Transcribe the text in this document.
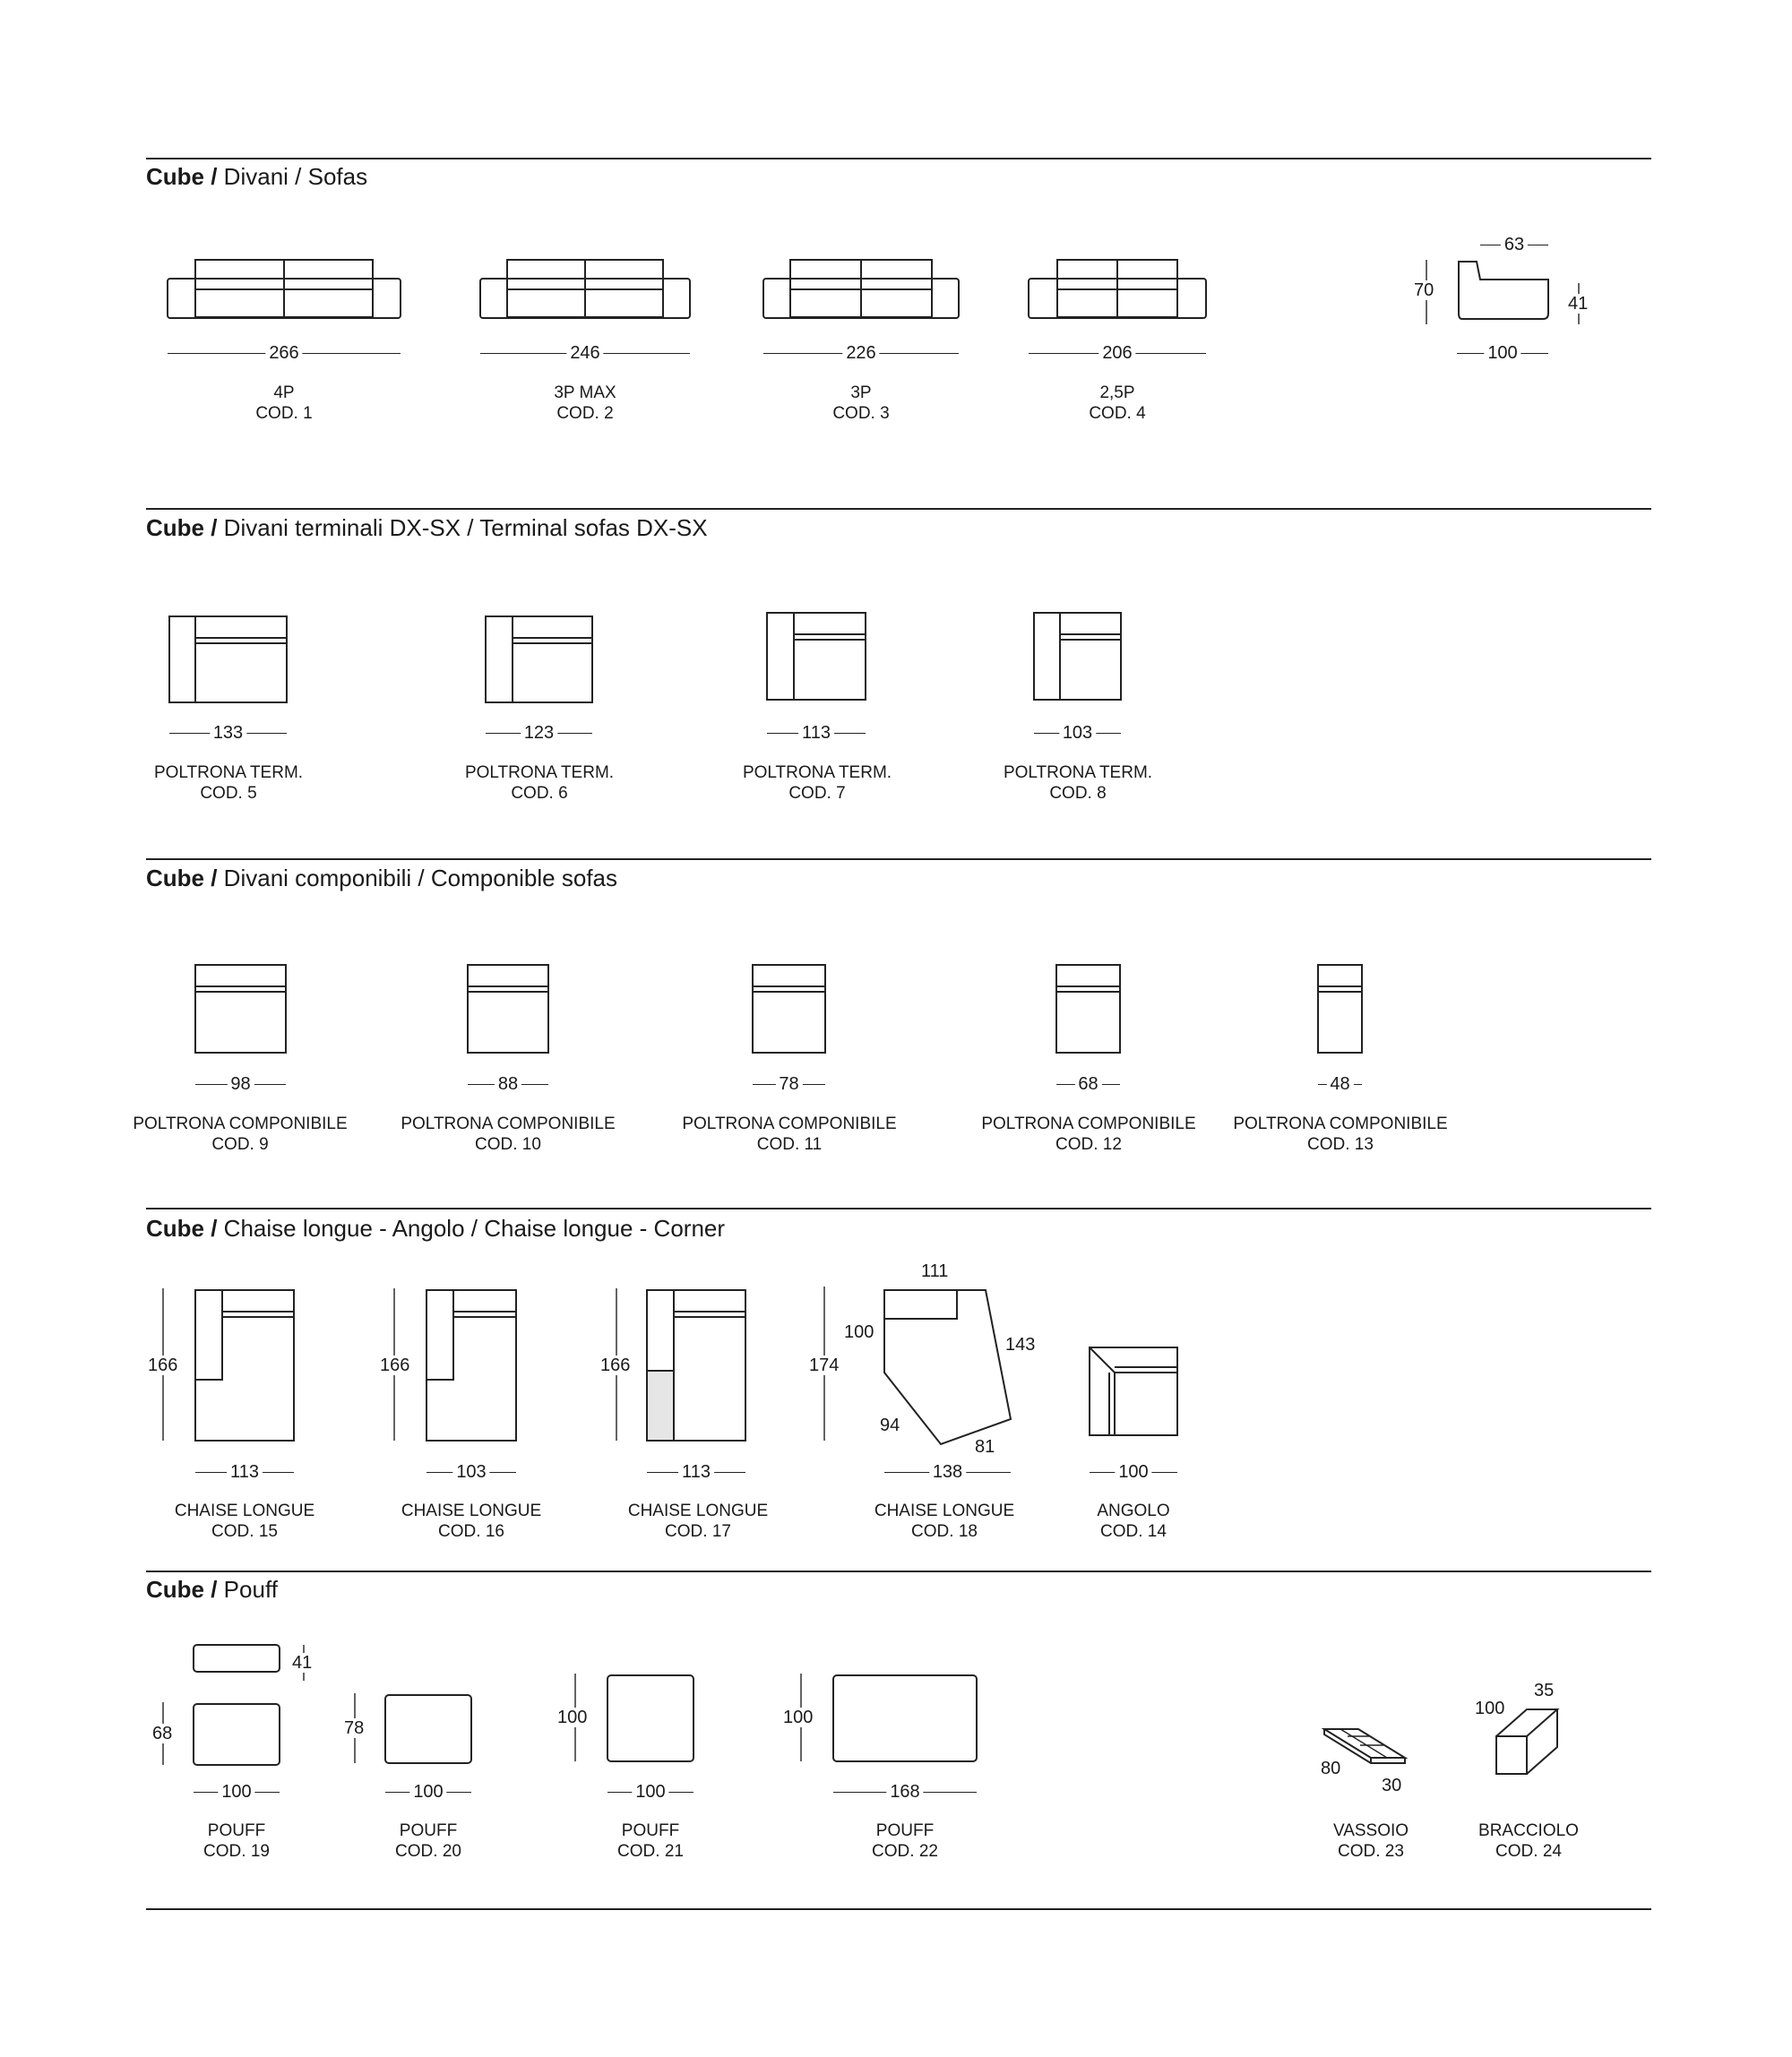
Cube / Divani / Sofas
Cube / Divani terminali DX-SX / Terminal sofas DX-SX
Cube / Divani componibili / Componible sofas
Cube / Chaise longue - Angolo / Chaise longue - Corner
Cube / Pouff
266	246	226	206
4P
COD. 1
3P MAX
COD. 2
3P
COD. 3
2,5P
COD. 4
70
41
63
100
133	123	113	103
POLTRONA TERM.
COD. 5
POLTRONA TERM.
COD. 6
POLTRONA TERM.
COD. 7
POLTRONA TERM.
COD. 8
98	88	78	68	48
POLTRONA COMPONIBILE
COD. 9
POLTRONA COMPONIBILE
COD. 10
POLTRONA COMPONIBILE
COD. 11
POLTRONA COMPONIBILE
COD. 12
POLTRONA COMPONIBILE
COD. 13
166	166	166	174
111
100
143
94
81
113	103	113	138	100
CHAISE LONGUE
COD. 15
CHAISE LONGUE
COD. 16
CHAISE LONGUE
COD. 17
CHAISE LONGUE
COD. 18
ANGOLO
COD. 14
41
68	78
100	100
100	100	100	168
80
30
100
35
POUFF
COD. 19
POUFF
COD. 20
POUFF
COD. 21
POUFF
COD. 22
VASSOIO
COD. 23
BRACCIOLO
COD. 24
